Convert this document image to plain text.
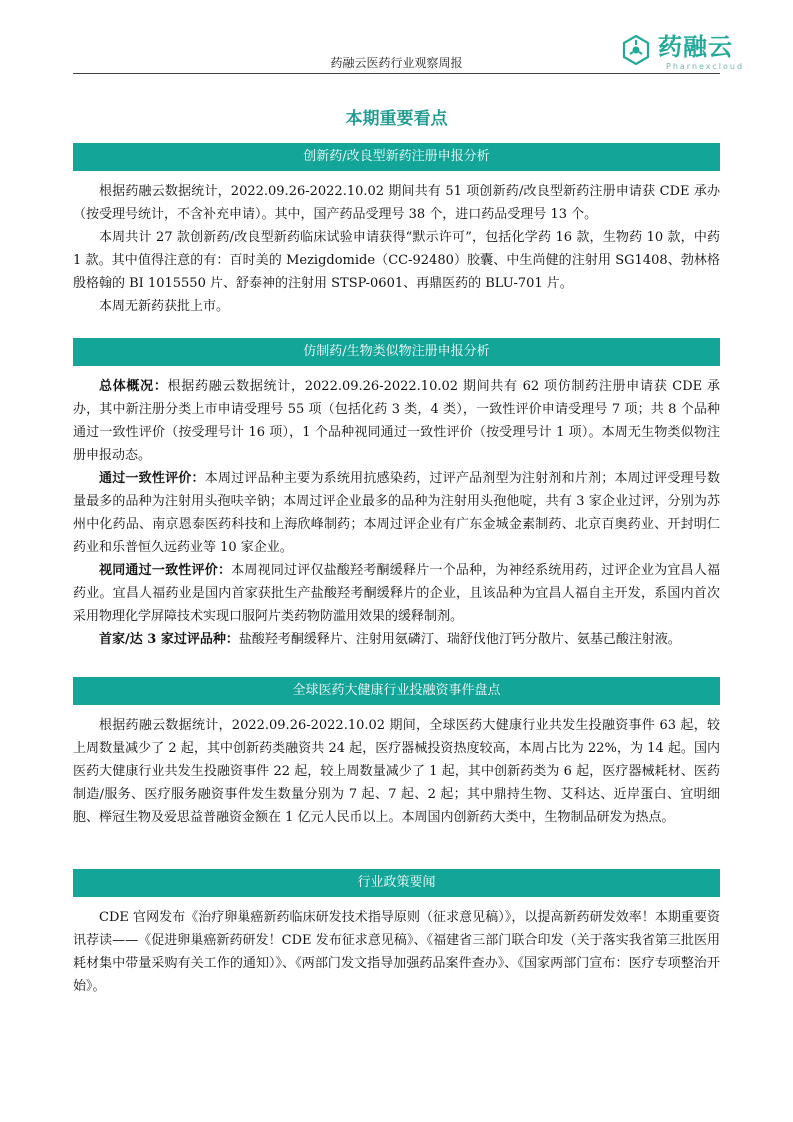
药融云医药行业观察周报
药融云
Pharnexcloud
本期重要看点
创新药/改良型新药注册申报分析

根据药融云数据统计，2022.09.26-2022.10.02 期间共有 51 项创新药/改良型新药注册申请获 CDE 承办（按受理号统计，不含补充申请）。其中，国产药品受理号 38 个，进口药品受理号 13 个。

本周共计 27 款创新药/改良型新药临床试验申请获得“默示许可”，包括化学药 16 款，生物药 10 款，中药 1 款。其中值得注意的有：百时美的 Mezigdomide（CC-92480）胶囊、中生尚健的注射用 SG1408、勃林格殷格翰的 BI 1015550 片、舒泰神的注射用 STSP-0601、再鼎医药的 BLU-701 片。

本周无新药获批上市。

仿制药/生物类似物注册申报分析

总体概况：根据药融云数据统计，2022.09.26-2022.10.02 期间共有 62 项仿制药注册申请获 CDE 承办，其中新注册分类上市申请受理号 55 项（包括化药 3 类，4 类），一致性评价申请受理号 7 项；共 8 个品种通过一致性评价（按受理号计 16 项），1 个品种视同通过一致性评价（按受理号计 1 项）。本周无生物类似物注册申报动态。

通过一致性评价：本周过评品种主要为系统用抗感染药，过评产品剂型为注射剂和片剂；本周过评受理号数量最多的品种为注射用头孢呋辛钠；本周过评企业最多的品种为注射用头孢他啶，共有 3 家企业过评，分别为苏州中化药品、南京恩泰医药科技和上海欣峰制药；本周过评企业有广东金城金素制药、北京百奥药业、开封明仁药业和乐普恒久远药业等 10 家企业。

视同通过一致性评价：本周视同过评仅盐酸羟考酮缓释片一个品种，为神经系统用药，过评企业为宜昌人福药业。宜昌人福药业是国内首家获批生产盐酸羟考酮缓释片的企业，且该品种为宜昌人福自主开发，系国内首次采用物理化学屏障技术实现口服阿片类药物防滥用效果的缓释制剂。

首家/达 3 家过评品种：盐酸羟考酮缓释片、注射用氨磷汀、瑞舒伐他汀钙分散片、氨基己酸注射液。

全球医药大健康行业投融资事件盘点

根据药融云数据统计，2022.09.26-2022.10.02 期间，全球医药大健康行业共发生投融资事件 63 起，较上周数量减少了 2 起，其中创新药类融资共 24 起，医疗器械投资热度较高，本周占比为 22%，为 14 起。国内医药大健康行业共发生投融资事件 22 起，较上周数量减少了 1 起，其中创新药类为 6 起，医疗器械耗材、医药制造/服务、医疗服务融资事件发生数量分别为 7 起、7 起、2 起；其中鼎持生物、艾科达、近岸蛋白、宜明细胞、榉冠生物及爱思益普融资金额在 1 亿元人民币以上。本周国内创新药大类中，生物制品研发为热点。

行业政策要闻

CDE 官网发布《治疗卵巢癌新药临床研发技术指导原则（征求意见稿）》，以提高新药研发效率！本期重要资讯荐读——《促进卵巢癌新药研发！CDE 发布征求意见稿》、《福建省三部门联合印发（关于落实我省第三批医用耗材集中带量采购有关工作的通知）》、《两部门发文指导加强药品案件查办》、《国家两部门宣布：医疗专项整治开始》。
